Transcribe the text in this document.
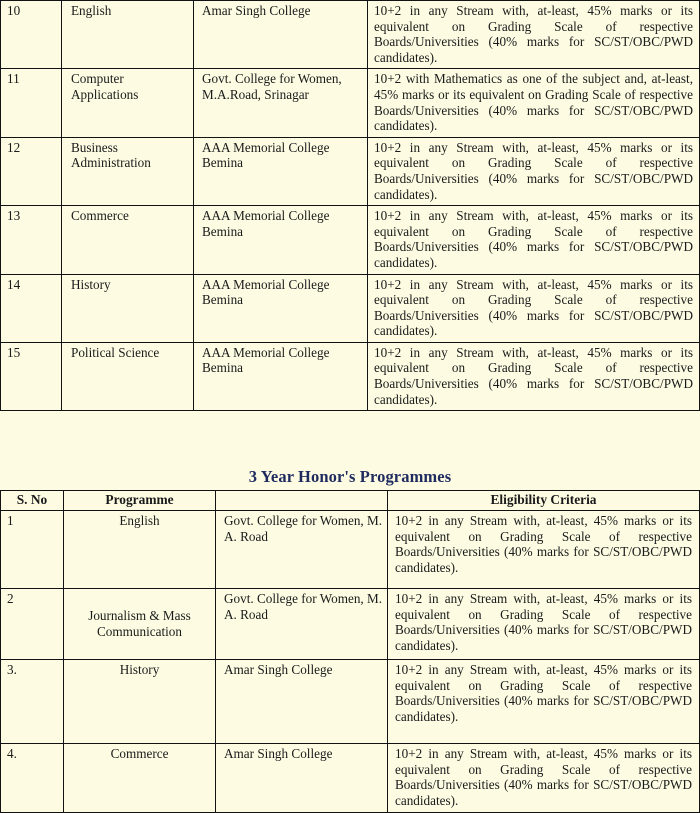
10	English	Amar Singh College	10+2 in any Stream with, at-least, 45% marks or its equivalent on Grading Scale of respective Boards/Universities (40% marks for SC/ST/OBC/PWD candidates).
11	Computer Applications	Govt. College for Women, M.A.Road, Srinagar	10+2 with Mathematics as one of the subject and, at-least, 45% marks or its equivalent on Grading Scale of respective Boards/Universities (40% marks for SC/ST/OBC/PWD candidates).
12	Business Administration	AAA Memorial College Bemina	10+2 in any Stream with, at-least, 45% marks or its equivalent on Grading Scale of respective Boards/Universities (40% marks for SC/ST/OBC/PWD candidates).
13	Commerce	AAA Memorial College Bemina	10+2 in any Stream with, at-least, 45% marks or its equivalent on Grading Scale of respective Boards/Universities (40% marks for SC/ST/OBC/PWD candidates).
14	History	AAA Memorial College Bemina	10+2 in any Stream with, at-least, 45% marks or its equivalent on Grading Scale of respective Boards/Universities (40% marks for SC/ST/OBC/PWD candidates).
15	Political Science	AAA Memorial College Bemina	10+2 in any Stream with, at-least, 45% marks or its equivalent on Grading Scale of respective Boards/Universities (40% marks for SC/ST/OBC/PWD candidates).
3 Year Honor's Programmes
S. No	Programme		Eligibility Criteria
1	English	Govt. College for Women, M. A. Road	10+2 in any Stream with, at-least, 45% marks or its equivalent on Grading Scale of respective Boards/Universities (40% marks for SC/ST/OBC/PWD candidates).
2	Journalism & Mass Communication	Govt. College for Women, M. A. Road	10+2 in any Stream with, at-least, 45% marks or its equivalent on Grading Scale of respective Boards/Universities (40% marks for SC/ST/OBC/PWD candidates).
3.	History	Amar Singh College	10+2 in any Stream with, at-least, 45% marks or its equivalent on Grading Scale of respective Boards/Universities (40% marks for SC/ST/OBC/PWD candidates).
4.	Commerce	Amar Singh College	10+2 in any Stream with, at-least, 45% marks or its equivalent on Grading Scale of respective Boards/Universities (40% marks for SC/ST/OBC/PWD candidates).
